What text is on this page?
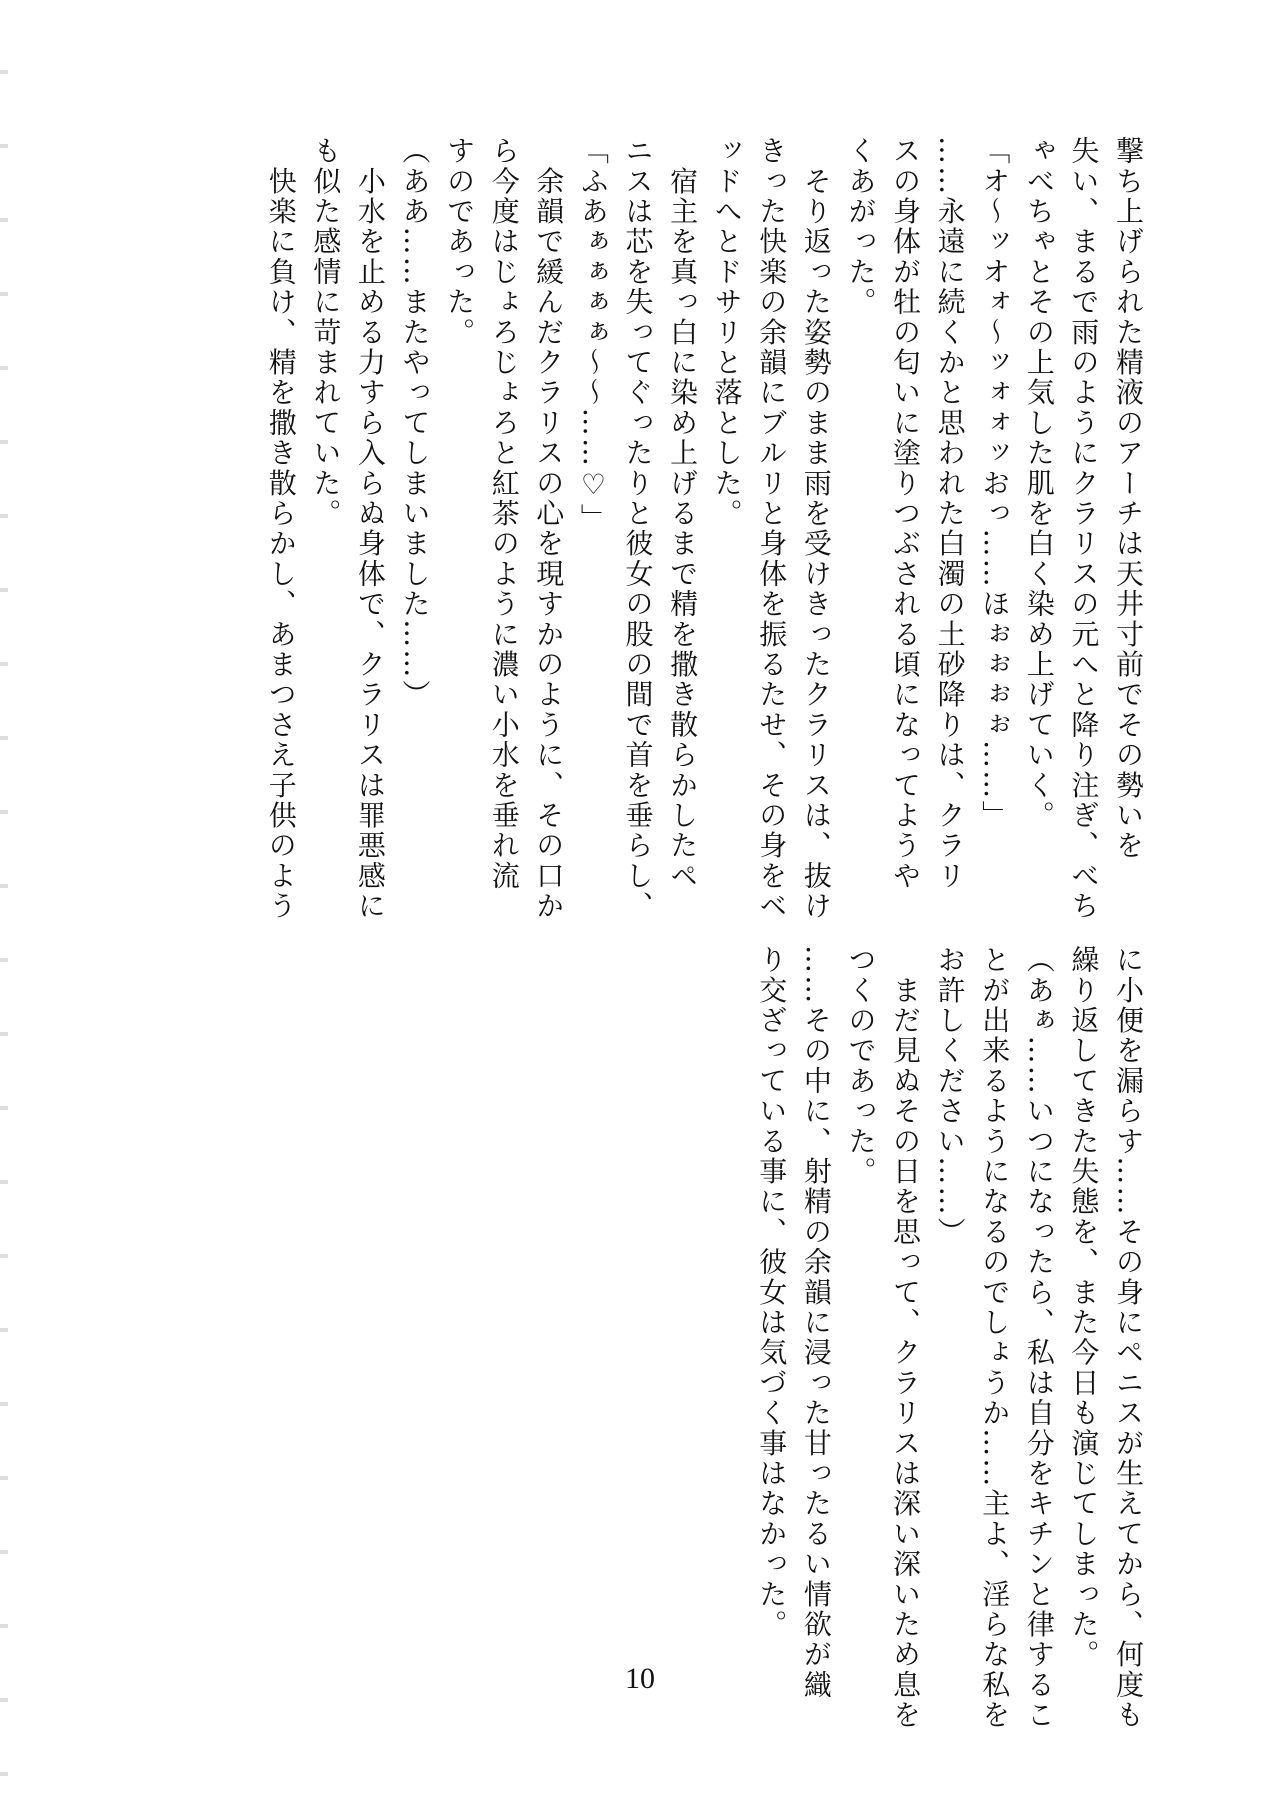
撃ち上げられた精液のアーチは天井寸前でその勢いを
失い、まるで雨のようにクラリスの元へと降り注ぎ、べち
ゃべちゃとその上気した肌を白く染め上げていく。
「オ〜ッオォ〜ッォォッおっ……ほぉぉぉぉ……」
……永遠に続くかと思われた白濁の土砂降りは、クラリ
スの身体が牡の匂いに塗りつぶされる頃になってようや
くあがった。
　そり返った姿勢のまま雨を受けきったクラリスは、抜け
きった快楽の余韻にブルリと身体を振るたせ、その身をベ
ッドへとドサリと落とした。
　宿主を真っ白に染め上げるまで精を撒き散らかしたペ
ニスは芯を失ってぐったりと彼女の股の間で首を垂らし、
「ふあぁぁぁぁ〜〜……♡」
　余韻で緩んだクラリスの心を現すかのように、その口か
ら今度はじょろじょろと紅茶のように濃い小水を垂れ流
すのであった。
（ああ……またやってしまいました……）
　小水を止める力すら入らぬ身体で、クラリスは罪悪感に
も似た感情に苛まれていた。
　快楽に負け、精を撒き散らかし、あまつさえ子供のよう

に小便を漏らす……その身にペニスが生えてから、何度も
繰り返してきた失態を、また今日も演じてしまった。
（あぁ……いつになったら、私は自分をキチンと律するこ
とが出来るようになるのでしょうか……主よ、淫らな私を
お許しください……）
　まだ見ぬその日を思って、クラリスは深い深いため息を
つくのであった。
……その中に、射精の余韻に浸った甘ったるい情欲が織
り交ざっている事に、彼女は気づく事はなかった。

10
